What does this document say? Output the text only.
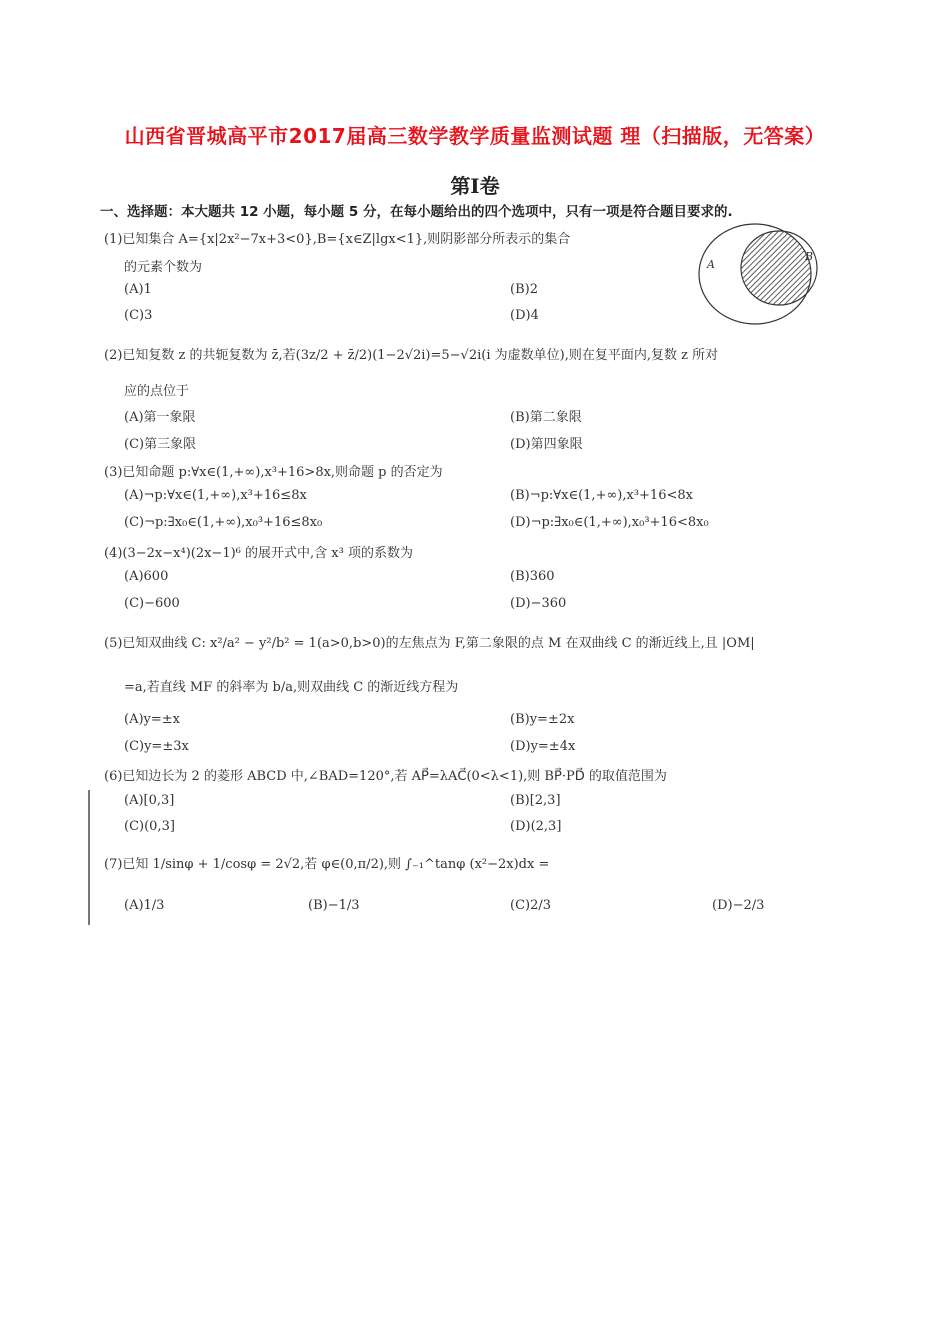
山西省晋城高平市2017届高三数学教学质量监测试题 理（扫描版，无答案）
第Ⅰ卷
一、选择题：本大题共 12 小题，每小题 5 分，在每小题给出的四个选项中，只有一项是符合题目要求的.
(1)已知集合 A={x|2x²−7x+3<0},B={x∈Z|lgx<1},则阴影部分所表示的集合
的元素个数为
(A)1	(B)2
(C)3	(D)4
A
B
(2)已知复数 z 的共轭复数为 z̄,若(3z/2 + z̄/2)(1−2√2i)=5−√2i(i 为虚数单位),则在复平面内,复数 z 所对
应的点位于
(A)第一象限	(B)第二象限
(C)第三象限	(D)第四象限
(3)已知命题 p:∀x∈(1,+∞),x³+16>8x,则命题 p 的否定为
(A)¬p:∀x∈(1,+∞),x³+16≤8x	(B)¬p:∀x∈(1,+∞),x³+16<8x
(C)¬p:∃x₀∈(1,+∞),x₀³+16≤8x₀	(D)¬p:∃x₀∈(1,+∞),x₀³+16<8x₀
(4)(3−2x−x⁴)(2x−1)⁶ 的展开式中,含 x³ 项的系数为
(A)600	(B)360
(C)−600	(D)−360
(5)已知双曲线 C: x²/a² − y²/b² = 1(a>0,b>0)的左焦点为 F,第二象限的点 M 在双曲线 C 的渐近线上,且 |OM|
=a,若直线 MF 的斜率为 b/a,则双曲线 C 的渐近线方程为
(A)y=±x	(B)y=±2x
(C)y=±3x	(D)y=±4x
(6)已知边长为 2 的菱形 ABCD 中,∠BAD=120°,若 AP⃗=λAC⃗(0<λ<1),则 BP⃗·PD⃗ 的取值范围为
(A)[0,3]	(B)[2,3]
(C)(0,3]	(D)(2,3]
(7)已知 1/sinφ + 1/cosφ = 2√2,若 φ∈(0,π/2),则 ∫₋₁^tanφ (x²−2x)dx =
(A)1/3	(B)−1/3	(C)2/3	(D)−2/3
